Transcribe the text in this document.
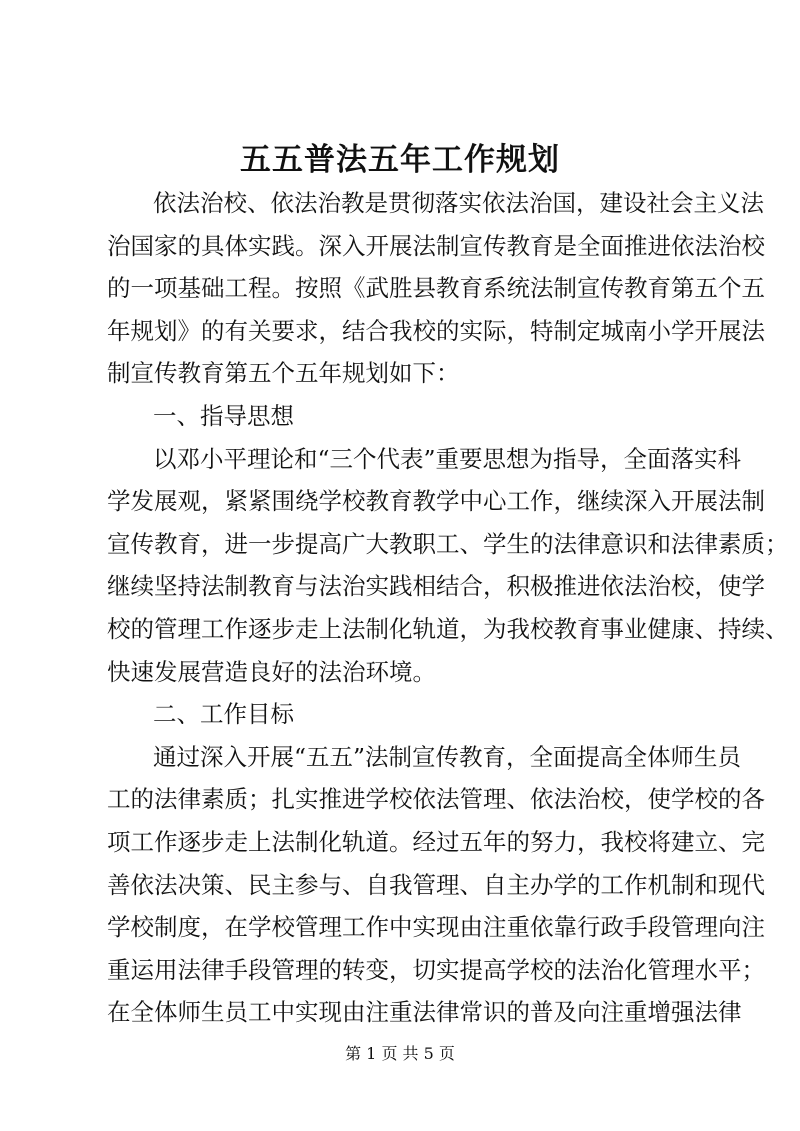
五五普法五年工作规划
依法治校、依法治教是贯彻落实依法治国，建设社会主义法
治国家的具体实践。深入开展法制宣传教育是全面推进依法治校
的一项基础工程。按照《武胜县教育系统法制宣传教育第五个五
年规划》的有关要求，结合我校的实际，特制定城南小学开展法
制宣传教育第五个五年规划如下：
一、指导思想
以邓小平理论和“三个代表”重要思想为指导，全面落实科
学发展观，紧紧围绕学校教育教学中心工作，继续深入开展法制
宣传教育，进一步提高广大教职工、学生的法律意识和法律素质；
继续坚持法制教育与法治实践相结合，积极推进依法治校，使学
校的管理工作逐步走上法制化轨道，为我校教育事业健康、持续、
快速发展营造良好的法治环境。
二、工作目标
通过深入开展“五五”法制宣传教育，全面提高全体师生员
工的法律素质；扎实推进学校依法管理、依法治校，使学校的各
项工作逐步走上法制化轨道。经过五年的努力，我校将建立、完
善依法决策、民主参与、自我管理、自主办学的工作机制和现代
学校制度，在学校管理工作中实现由注重依靠行政手段管理向注
重运用法律手段管理的转变，切实提高学校的法治化管理水平；
在全体师生员工中实现由注重法律常识的普及向注重增强法律
第 1 页 共 5 页
